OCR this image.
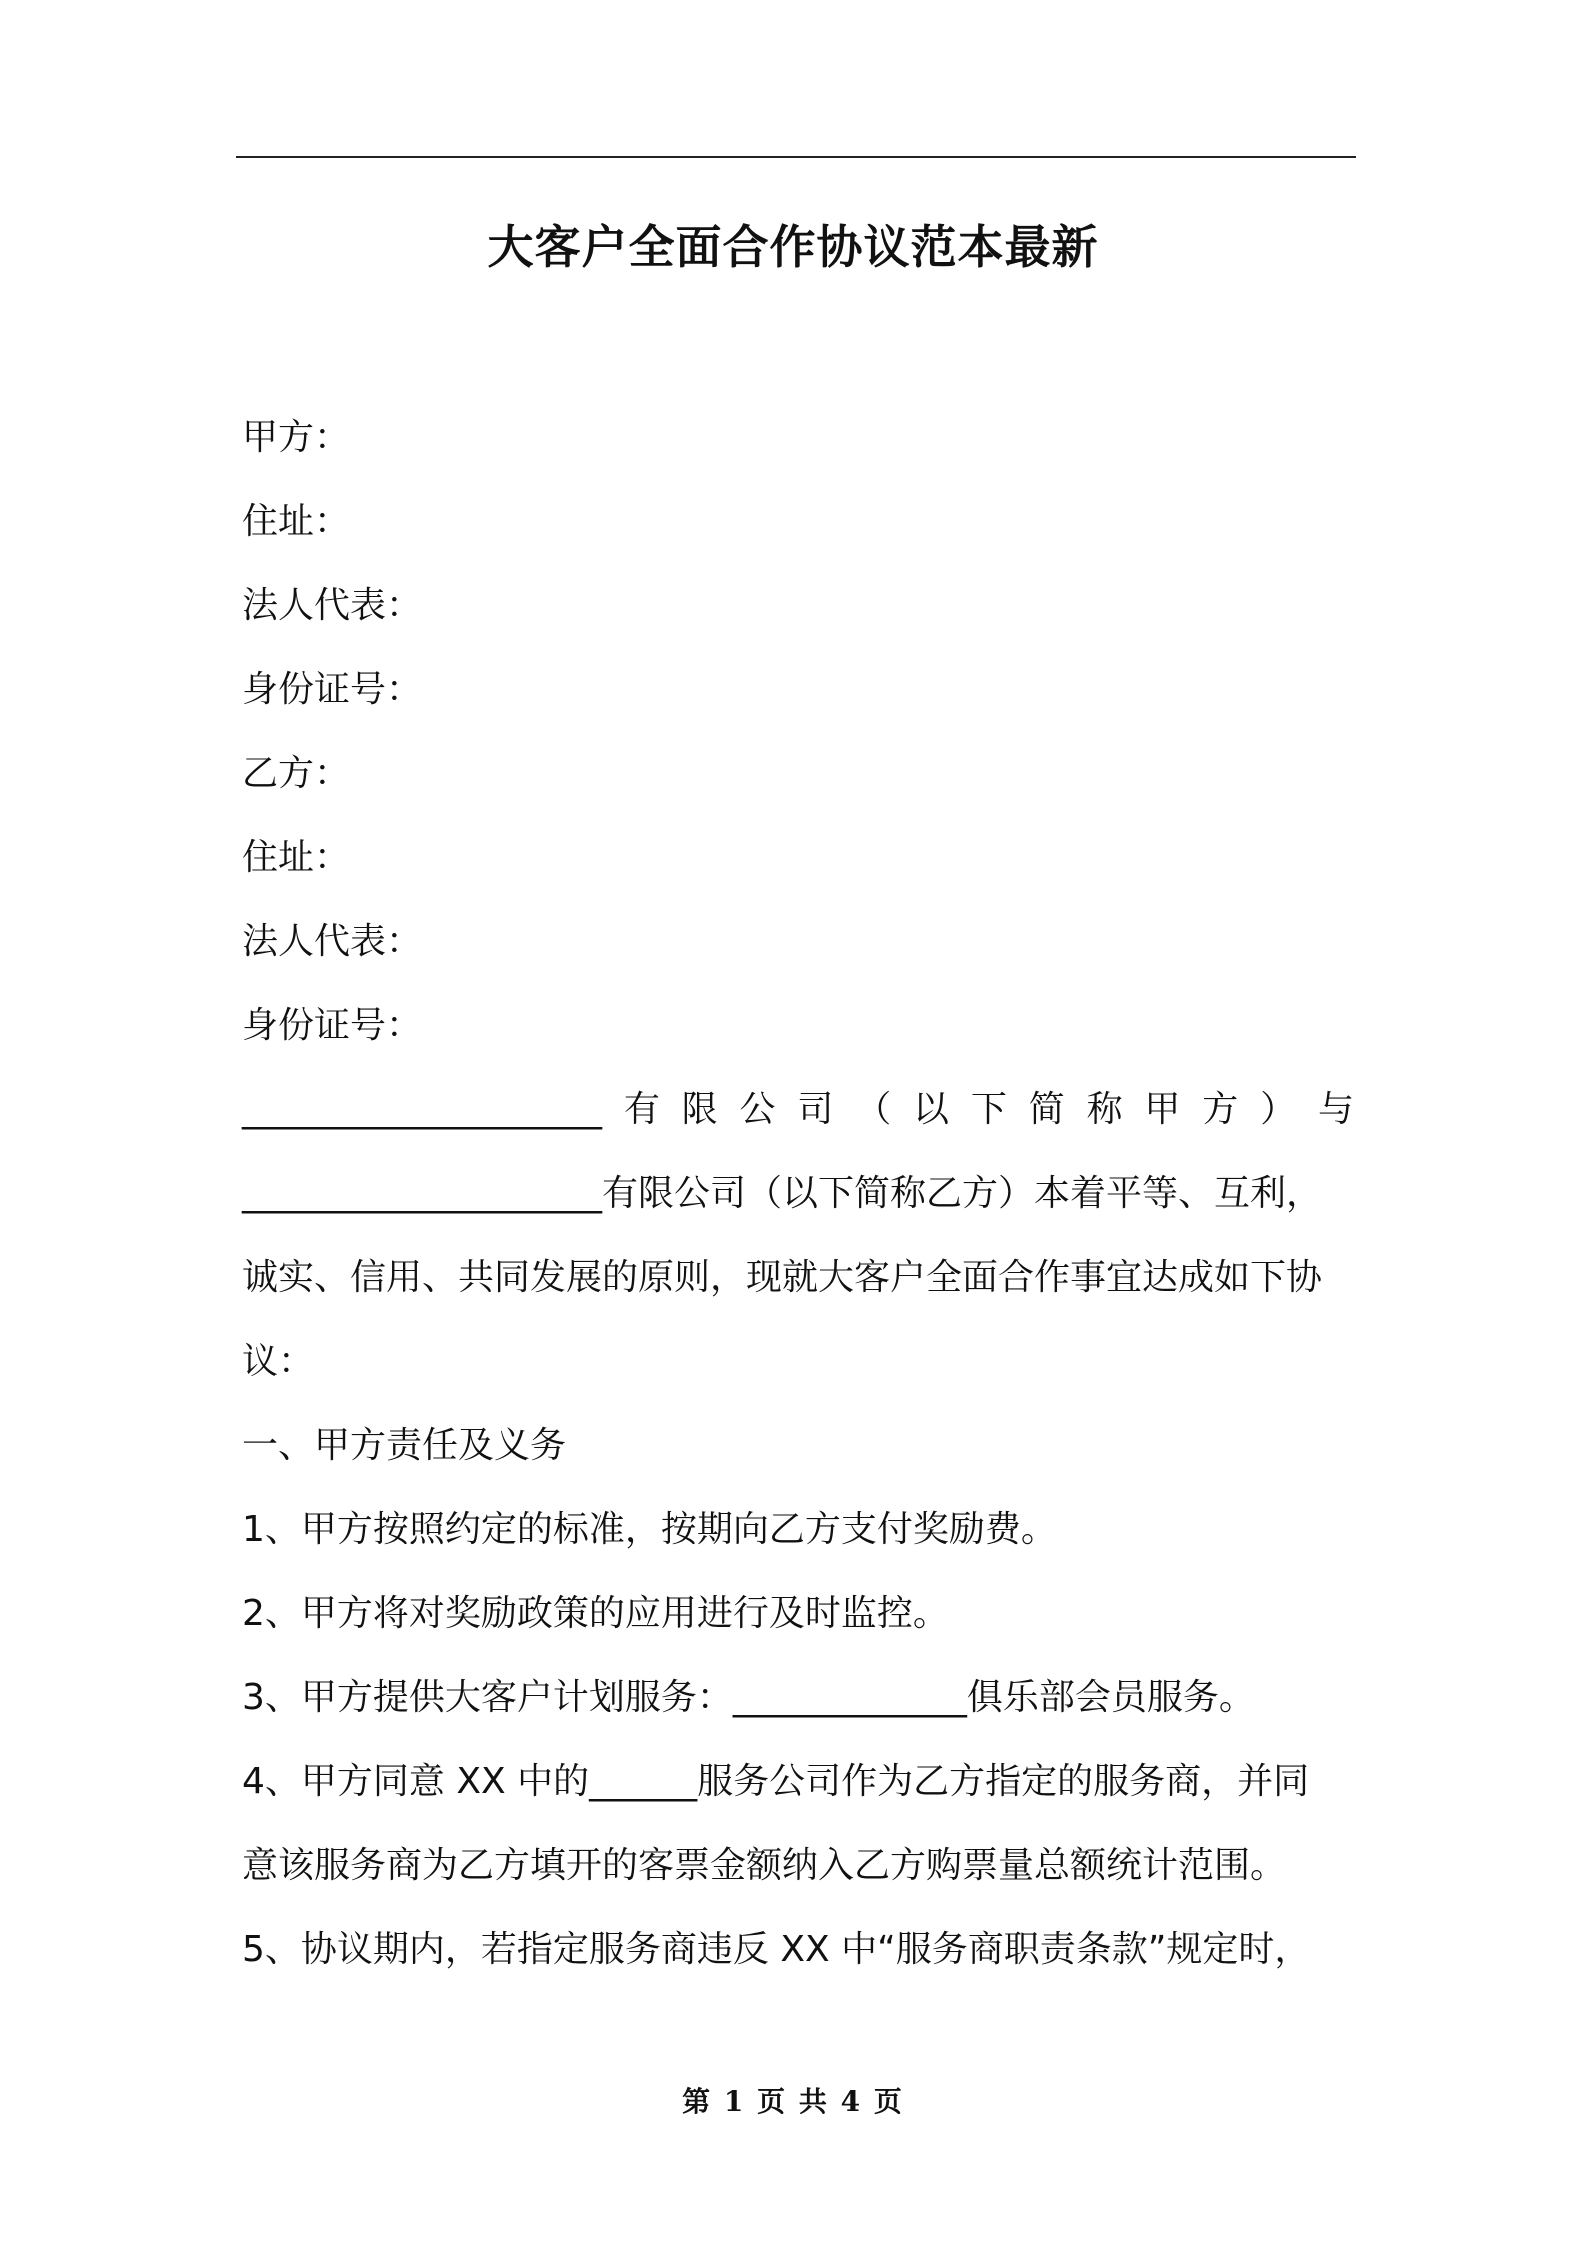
大客户全面合作协议范本最新

甲方：

住址：

法人代表：

身份证号：

乙方：

住址：

法人代表：

身份证号：

____________________ 有 限 公 司 （ 以 下 简 称 甲 方 ） 与

____________________有限公司（以下简称乙方）本着平等、互利，

诚实、信用、共同发展的原则，现就大客户全面合作事宜达成如下协

议：

一、甲方责任及义务

1、甲方按照约定的标准，按期向乙方支付奖励费。

2、甲方将对奖励政策的应用进行及时监控。

3、甲方提供大客户计划服务：_____________俱乐部会员服务。

4、甲方同意 XX 中的______服务公司作为乙方指定的服务商，并同

意该服务商为乙方填开的客票金额纳入乙方购票量总额统计范围。

5、协议期内，若指定服务商违反 XX 中“服务商职责条款”规定时，

第 1 页 共 4 页
